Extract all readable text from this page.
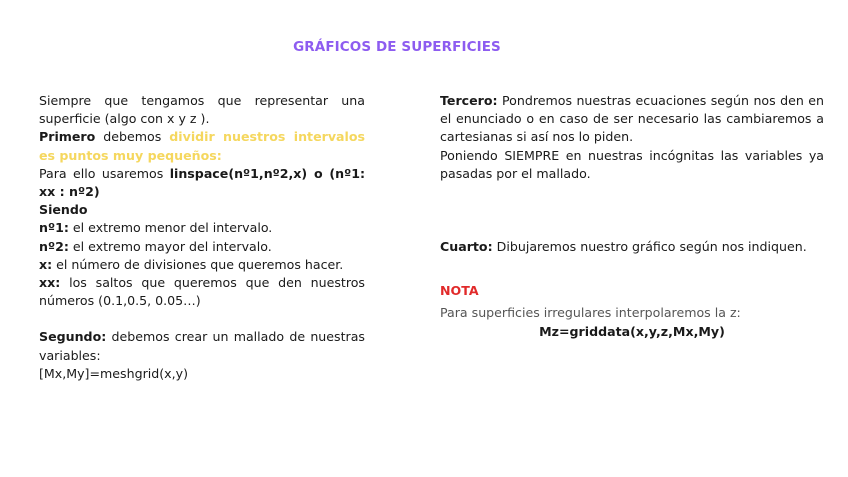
GRÁFICOS DE SUPERFICIES

Siempre que tengamos que representar una superficie (algo con x y z ).

Primero debemos dividir nuestros intervalos es puntos muy pequeños:

Para ello usaremos linspace(nº1,nº2,x) o (nº1: xx : nº2)

Siendo

nº1: el extremo menor del intervalo.

nº2: el extremo mayor del intervalo.

x: el número de divisiones que queremos hacer.

xx: los saltos que queremos que den nuestros números (0.1,0.5, 0.05…)

Segundo: debemos crear un mallado de nuestras variables:

[Mx,My]=meshgrid(x,y)

Tercero: Pondremos nuestras ecuaciones según nos den en el enunciado o en caso de ser necesario las cambiaremos a cartesianas si así nos lo piden.

Poniendo SIEMPRE en nuestras incógnitas las variables ya pasadas por el mallado.

Cuarto: Dibujaremos nuestro gráfico según nos indiquen.

NOTA

Para superficies irregulares interpolaremos la z:

Mz=griddata(x,y,z,Mx,My)
